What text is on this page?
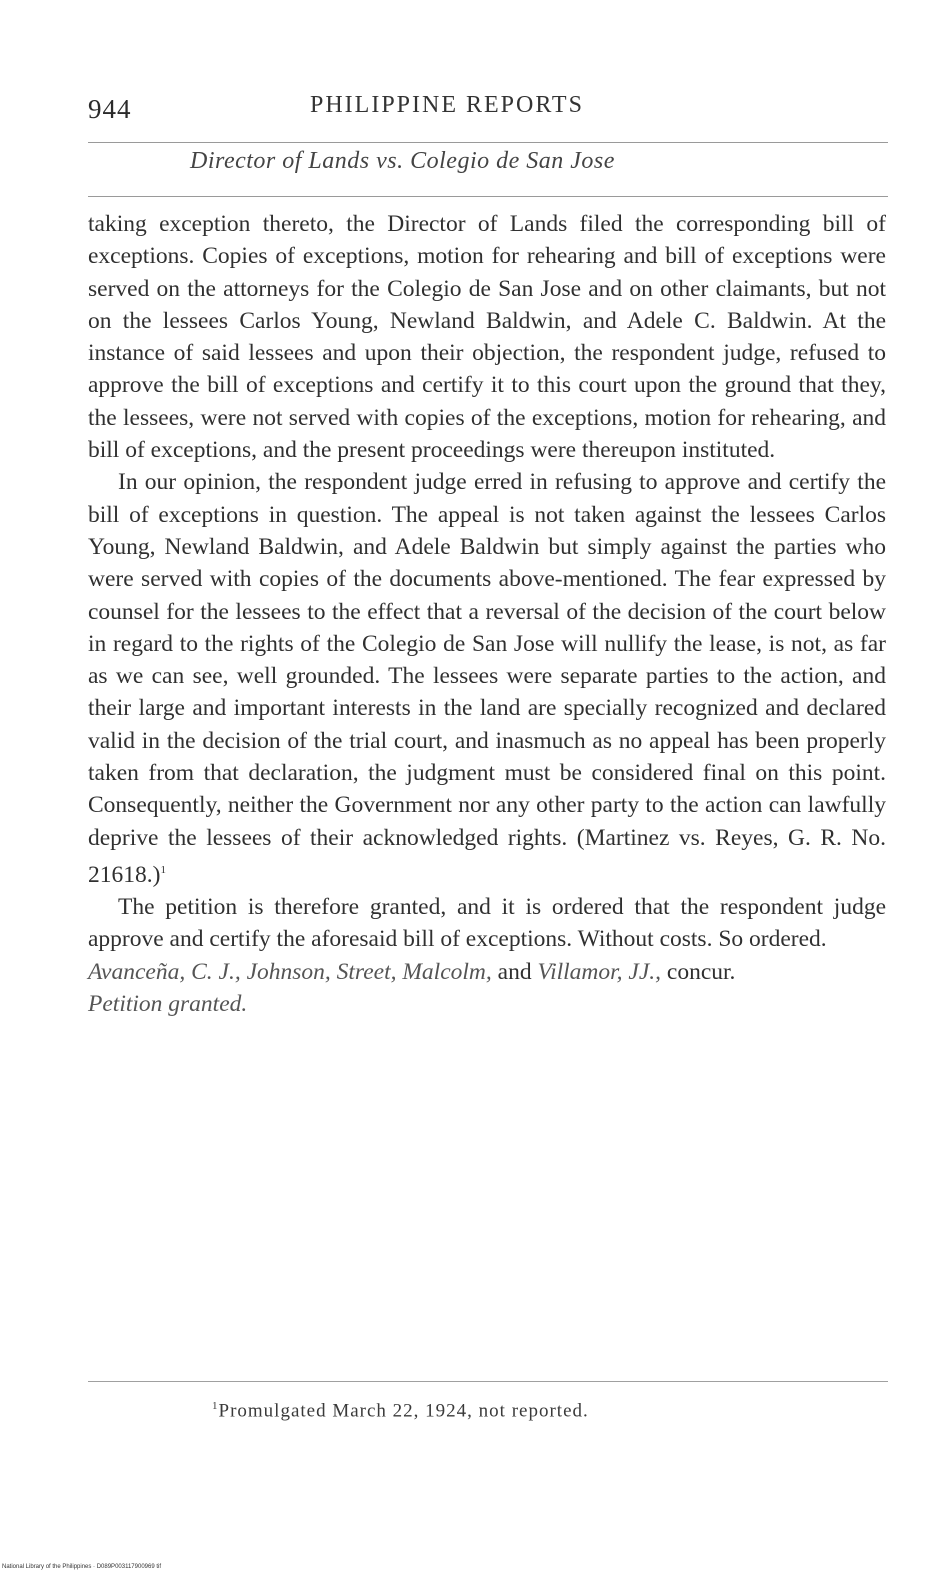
944	PHILIPPINE REPORTS
Director of Lands vs. Colegio de San Jose

taking exception thereto, the Director of Lands filed the corresponding bill of exceptions. Copies of exceptions, motion for rehearing and bill of exceptions were served on the attorneys for the Colegio de San Jose and on other claimants, but not on the lessees Carlos Young, Newland Baldwin, and Adele C. Baldwin. At the instance of said lessees and upon their objection, the respondent judge, refused to approve the bill of exceptions and certify it to this court upon the ground that they, the lessees, were not served with copies of the exceptions, motion for rehearing, and bill of exceptions, and the present proceedings were thereupon instituted.

In our opinion, the respondent judge erred in refusing to approve and certify the bill of exceptions in question. The appeal is not taken against the lessees Carlos Young, Newland Baldwin, and Adele Baldwin but simply against the parties who were served with copies of the documents above-mentioned. The fear expressed by counsel for the lessees to the effect that a reversal of the decision of the court below in regard to the rights of the Colegio de San Jose will nullify the lease, is not, as far as we can see, well grounded. The lessees were separate parties to the action, and their large and important interests in the land are specially recognized and declared valid in the decision of the trial court, and inasmuch as no appeal has been properly taken from that declaration, the judgment must be considered final on this point. Consequently, neither the Government nor any other party to the action can lawfully deprive the lessees of their acknowledged rights. (Martinez vs. Reyes, G. R. No. 21618.)$^1$

The petition is therefore granted, and it is ordered that the respondent judge approve and certify the aforesaid bill of exceptions. Without costs. So ordered.

Avanceña, C. J., Johnson, Street, Malcolm, and Villamor, JJ., concur.

Petition granted.

$^1$Promulgated March 22, 1924, not reported.
National Library of the Philippines · D089P003117900969 tif
